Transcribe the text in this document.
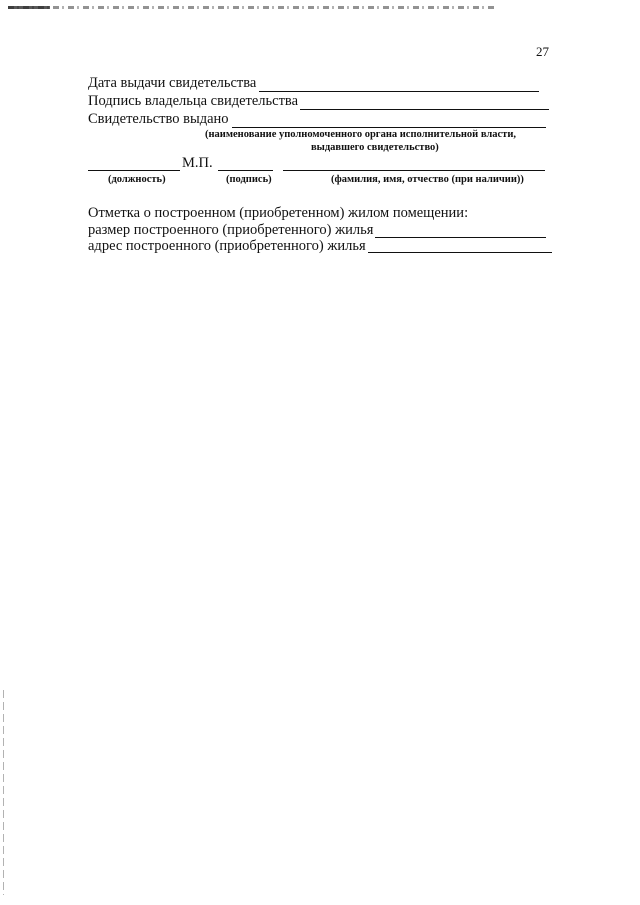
27
Дата выдачи свидетельства
Подпись владельца свидетельства
Свидетельство выдано
(наименование уполномоченного органа исполнительной власти,
выдавшего свидетельство)
М.П.
(должность)	(подпись)	(фамилия, имя, отчество (при наличии))
Отметка о построенном (приобретенном) жилом помещении:
размер построенного (приобретенного) жилья
адрес построенного (приобретенного) жилья
